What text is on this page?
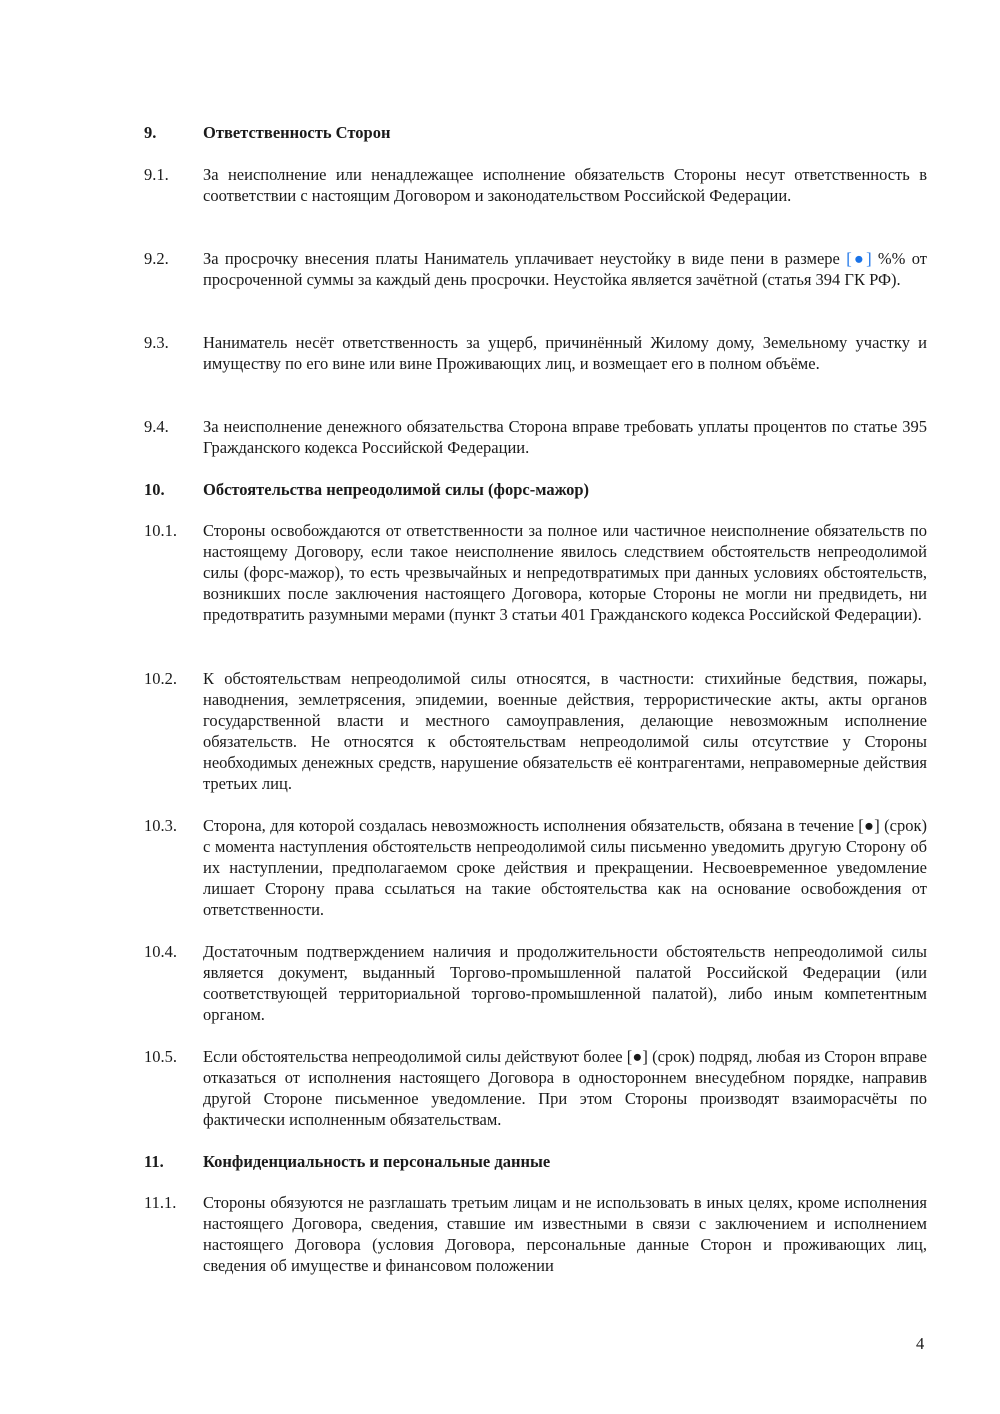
9.	Ответственность Сторон
9.1. За неисполнение или ненадлежащее исполнение обязательств Стороны несут ответственность в соответствии с настоящим Договором и законодательством Российской Федерации.
9.2. За просрочку внесения платы Наниматель уплачивает неустойку в виде пени в размере [●] %% от просроченной суммы за каждый день просрочки. Неустойка является зачётной (статья 394 ГК РФ).
9.3. Наниматель несёт ответственность за ущерб, причинённый Жилому дому, Земельному участку и имуществу по его вине или вине Проживающих лиц, и возмещает его в полном объёме.
9.4. За неисполнение денежного обязательства Сторона вправе требовать уплаты процентов по статье 395 Гражданского кодекса Российской Федерации.
10. Обстоятельства непреодолимой силы (форс-мажор)
10.1. Стороны освобождаются от ответственности за полное или частичное неисполнение обязательств по настоящему Договору, если такое неисполнение явилось следствием обстоятельств непреодолимой силы (форс-мажор), то есть чрезвычайных и непредотвратимых при данных условиях обстоятельств, возникших после заключения настоящего Договора, которые Стороны не могли ни предвидеть, ни предотвратить разумными мерами (пункт 3 статьи 401 Гражданского кодекса Российской Федерации).
10.2. К обстоятельствам непреодолимой силы относятся, в частности: стихийные бедствия, пожары, наводнения, землетрясения, эпидемии, военные действия, террористические акты, акты органов государственной власти и местного самоуправления, делающие невозможным исполнение обязательств. Не относятся к обстоятельствам непреодолимой силы отсутствие у Стороны необходимых денежных средств, нарушение обязательств её контрагентами, неправомерные действия третьих лиц.
10.3. Сторона, для которой создалась невозможность исполнения обязательств, обязана в течение [●] (срок) с момента наступления обстоятельств непреодолимой силы письменно уведомить другую Сторону об их наступлении, предполагаемом сроке действия и прекращении. Несвоевременное уведомление лишает Сторону права ссылаться на такие обстоятельства как на основание освобождения от ответственности.
10.4. Достаточным подтверждением наличия и продолжительности обстоятельств непреодолимой силы является документ, выданный Торгово-промышленной палатой Российской Федерации (или соответствующей территориальной торгово-промышленной палатой), либо иным компетентным органом.
10.5. Если обстоятельства непреодолимой силы действуют более [●] (срок) подряд, любая из Сторон вправе отказаться от исполнения настоящего Договора в одностороннем внесудебном порядке, направив другой Стороне письменное уведомление. При этом Стороны производят взаиморасчёты по фактически исполненным обязательствам.
11. Конфиденциальность и персональные данные
11.1. Стороны обязуются не разглашать третьим лицам и не использовать в иных целях, кроме исполнения настоящего Договора, сведения, ставшие им известными в связи с заключением и исполнением настоящего Договора (условия Договора, персональные данные Сторон и проживающих лиц, сведения об имуществе и финансовом положении
4
